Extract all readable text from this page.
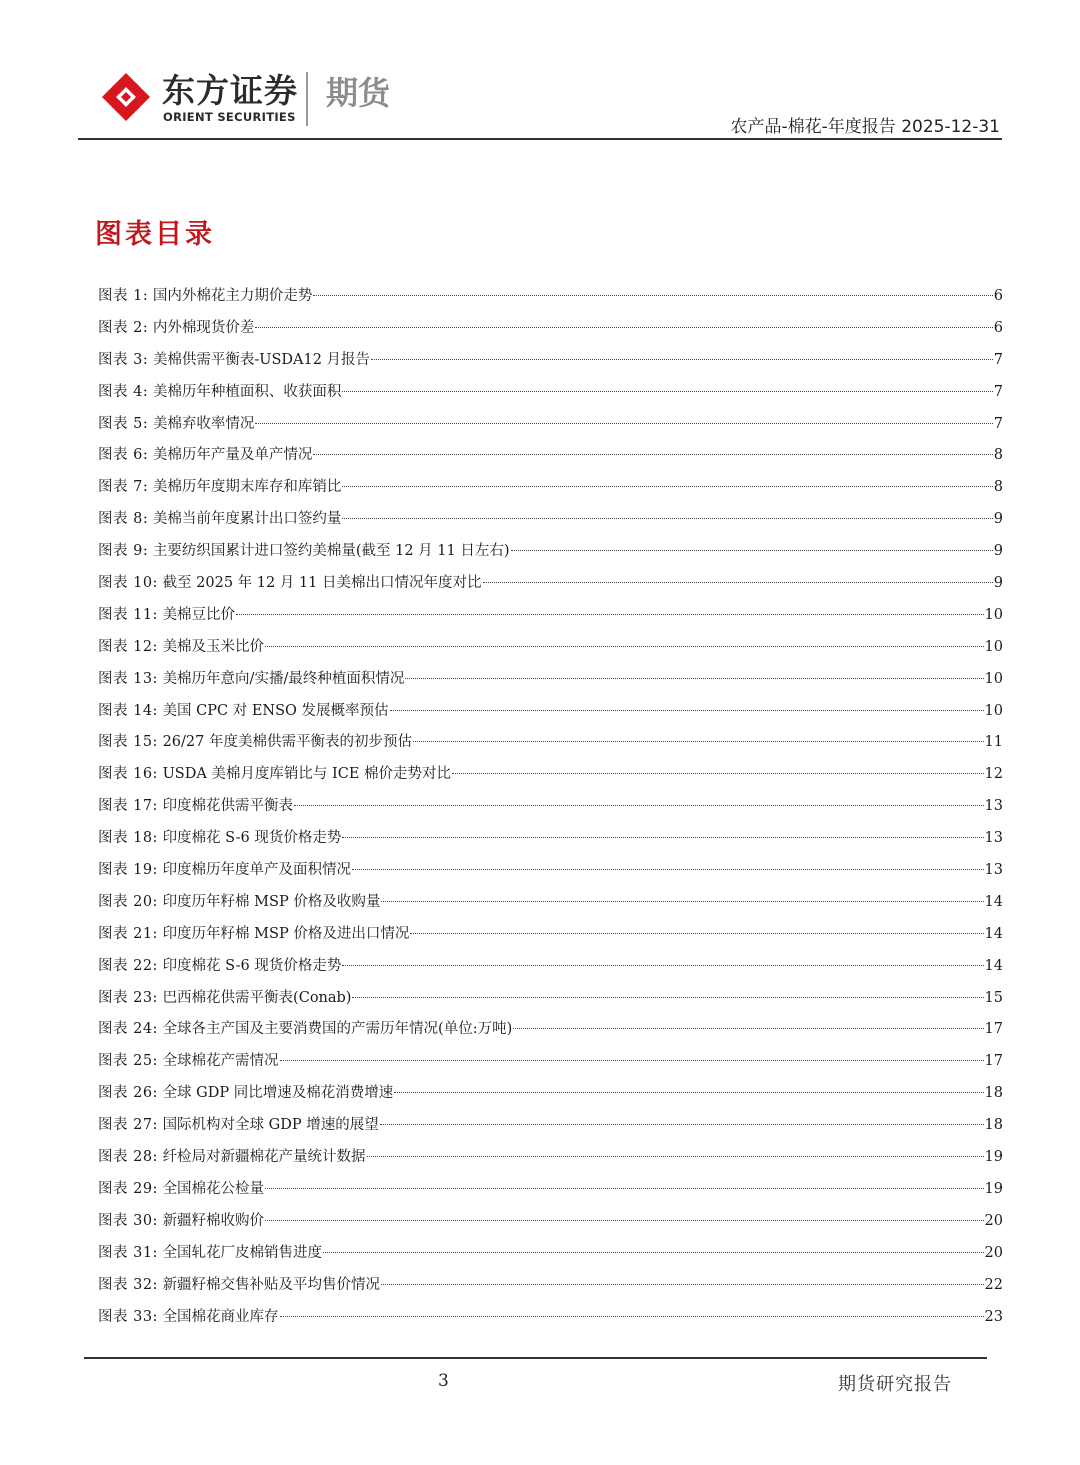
东方证券
ORIENT SECURITIES
期货
农产品-棉花-年度报告 2025-12-31
图表目录
图表 1:
国内外棉花主力期价走势	6
图表 2:
内外棉现货价差	6
图表 3:
美棉供需平衡表-USDA12 月报告	7
图表 4:
美棉历年种植面积、收获面积	7
图表 5:
美棉弃收率情况	7
图表 6:
美棉历年产量及单产情况	8
图表 7:
美棉历年度期末库存和库销比	8
图表 8:
美棉当前年度累计出口签约量	9
图表 9:
主要纺织国累计进口签约美棉量(截至 12 月 11 日左右)	9
图表 10:
截至 2025 年 12 月 11 日美棉出口情况年度对比	9
图表 11:
美棉豆比价	10
图表 12:
美棉及玉米比价	10
图表 13:
美棉历年意向/实播/最终种植面积情况	10
图表 14:
美国 CPC 对 ENSO 发展概率预估	10
图表 15:
26/27 年度美棉供需平衡表的初步预估	11
图表 16:
USDA 美棉月度库销比与 ICE 棉价走势对比	12
图表 17:
印度棉花供需平衡表	13
图表 18:
印度棉花 S-6 现货价格走势	13
图表 19:
印度棉历年度单产及面积情况	13
图表 20:
印度历年籽棉 MSP 价格及收购量	14
图表 21:
印度历年籽棉 MSP 价格及进出口情况	14
图表 22:
印度棉花 S-6 现货价格走势	14
图表 23:
巴西棉花供需平衡表(Conab)	15
图表 24:
全球各主产国及主要消费国的产需历年情况(单位:万吨)	17
图表 25:
全球棉花产需情况	17
图表 26:
全球 GDP 同比增速及棉花消费增速	18
图表 27:
国际机构对全球 GDP 增速的展望	18
图表 28:
纤检局对新疆棉花产量统计数据	19
图表 29:
全国棉花公检量	19
图表 30:
新疆籽棉收购价	20
图表 31:
全国轧花厂皮棉销售进度	20
图表 32:
新疆籽棉交售补贴及平均售价情况	22
图表 33:
全国棉花商业库存	23
3	期货研究报告
